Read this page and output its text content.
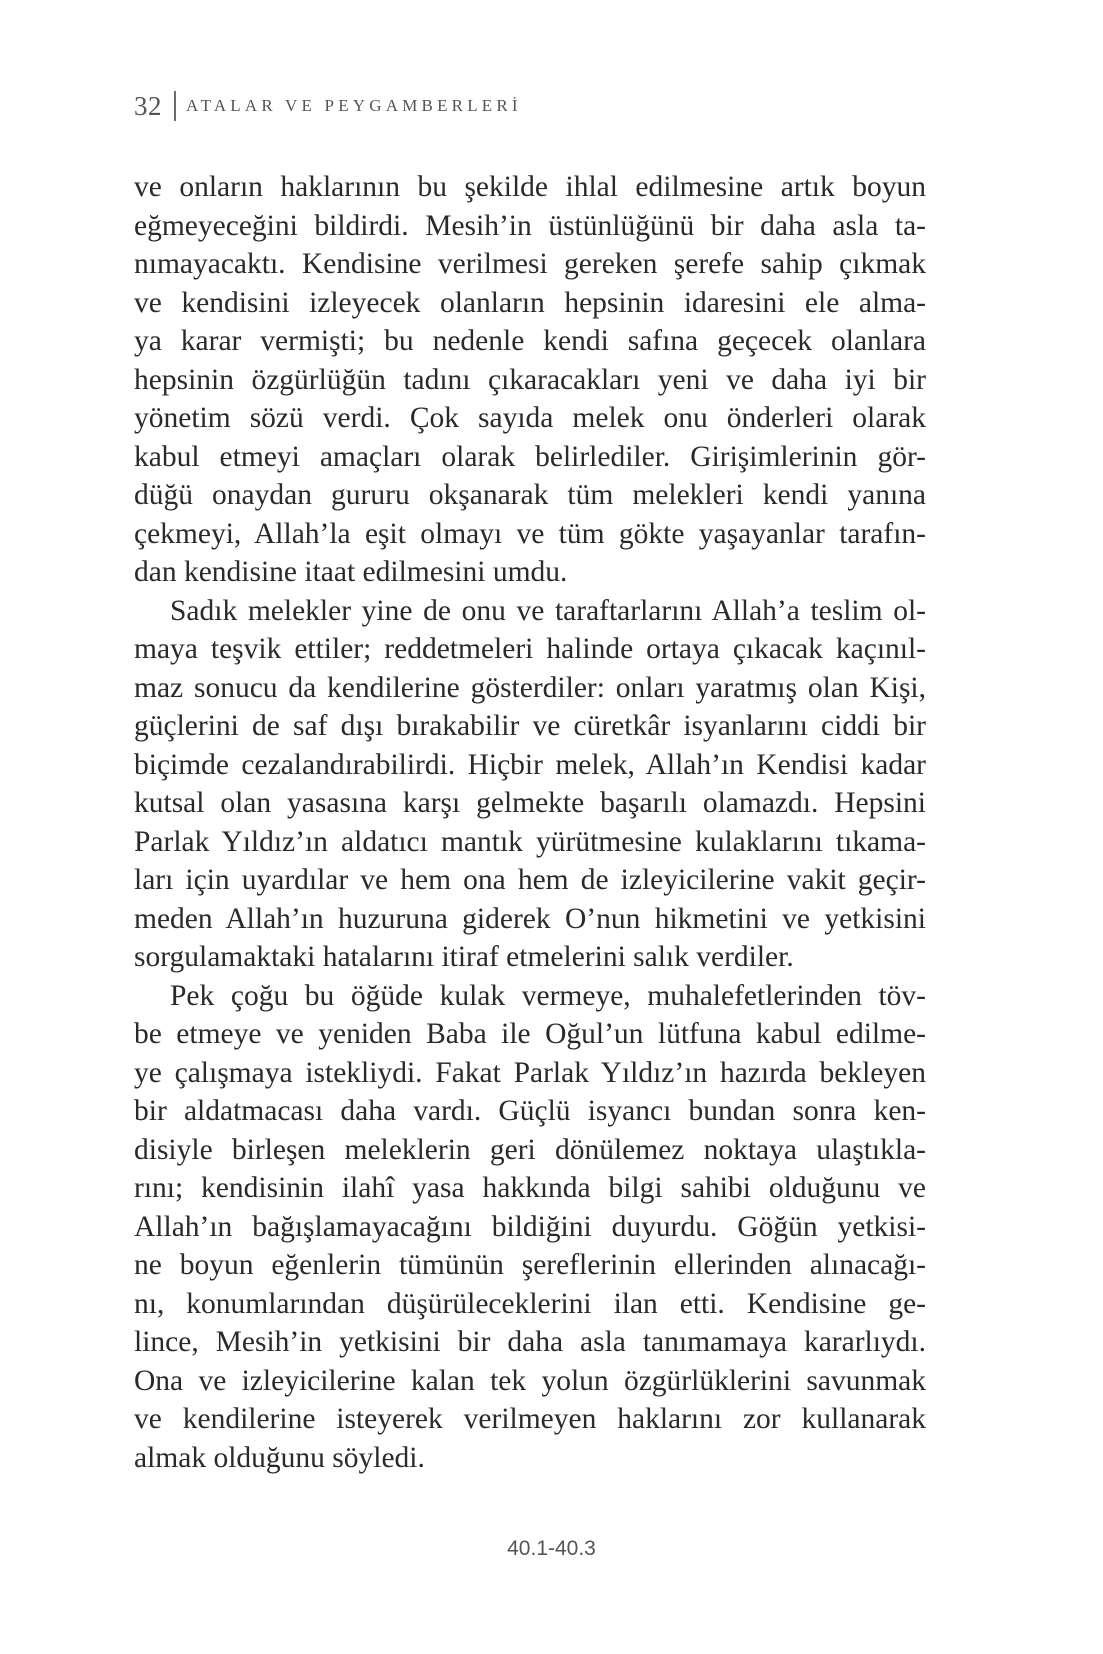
32 ATALAR VE PEYGAMBERLERİ
ve onların haklarının bu şekilde ihlal edilmesine artık boyun
eğmeyeceğini bildirdi. Mesih’in üstünlüğünü bir daha asla ta-
nımayacaktı. Kendisine verilmesi gereken şerefe sahip çıkmak
ve kendisini izleyecek olanların hepsinin idaresini ele alma-
ya karar vermişti; bu nedenle kendi safına geçecek olanlara
hepsinin özgürlüğün tadını çıkaracakları yeni ve daha iyi bir
yönetim sözü verdi. Çok sayıda melek onu önderleri olarak
kabul etmeyi amaçları olarak belirlediler. Girişimlerinin gör-
düğü onaydan gururu okşanarak tüm melekleri kendi yanına
çekmeyi, Allah’la eşit olmayı ve tüm gökte yaşayanlar tarafın-
dan kendisine itaat edilmesini umdu.
Sadık melekler yine de onu ve taraftarlarını Allah’a teslim ol-
maya teşvik ettiler; reddetmeleri halinde ortaya çıkacak kaçınıl-
maz sonucu da kendilerine gösterdiler: onları yaratmış olan Kişi,
güçlerini de saf dışı bırakabilir ve cüretkâr isyanlarını ciddi bir
biçimde cezalandırabilirdi. Hiçbir melek, Allah’ın Kendisi kadar
kutsal olan yasasına karşı gelmekte başarılı olamazdı. Hepsini
Parlak Yıldız’ın aldatıcı mantık yürütmesine kulaklarını tıkama-
ları için uyardılar ve hem ona hem de izleyicilerine vakit geçir-
meden Allah’ın huzuruna giderek O’nun hikmetini ve yetkisini
sorgulamaktaki hatalarını itiraf etmelerini salık verdiler.
Pek çoğu bu öğüde kulak vermeye, muhalefetlerinden töv-
be etmeye ve yeniden Baba ile Oğul’un lütfuna kabul edilme-
ye çalışmaya istekliydi. Fakat Parlak Yıldız’ın hazırda bekleyen
bir aldatmacası daha vardı. Güçlü isyancı bundan sonra ken-
disiyle birleşen meleklerin geri dönülemez noktaya ulaştıkla-
rını; kendisinin ilahî yasa hakkında bilgi sahibi olduğunu ve
Allah’ın bağışlamayacağını bildiğini duyurdu. Göğün yetkisi-
ne boyun eğenlerin tümünün şereflerinin ellerinden alınacağı-
nı, konumlarından düşürüleceklerini ilan etti. Kendisine ge-
lince, Mesih’in yetkisini bir daha asla tanımamaya kararlıydı.
Ona ve izleyicilerine kalan tek yolun özgürlüklerini savunmak
ve kendilerine isteyerek verilmeyen haklarını zor kullanarak
almak olduğunu söyledi.
40.1-40.3
